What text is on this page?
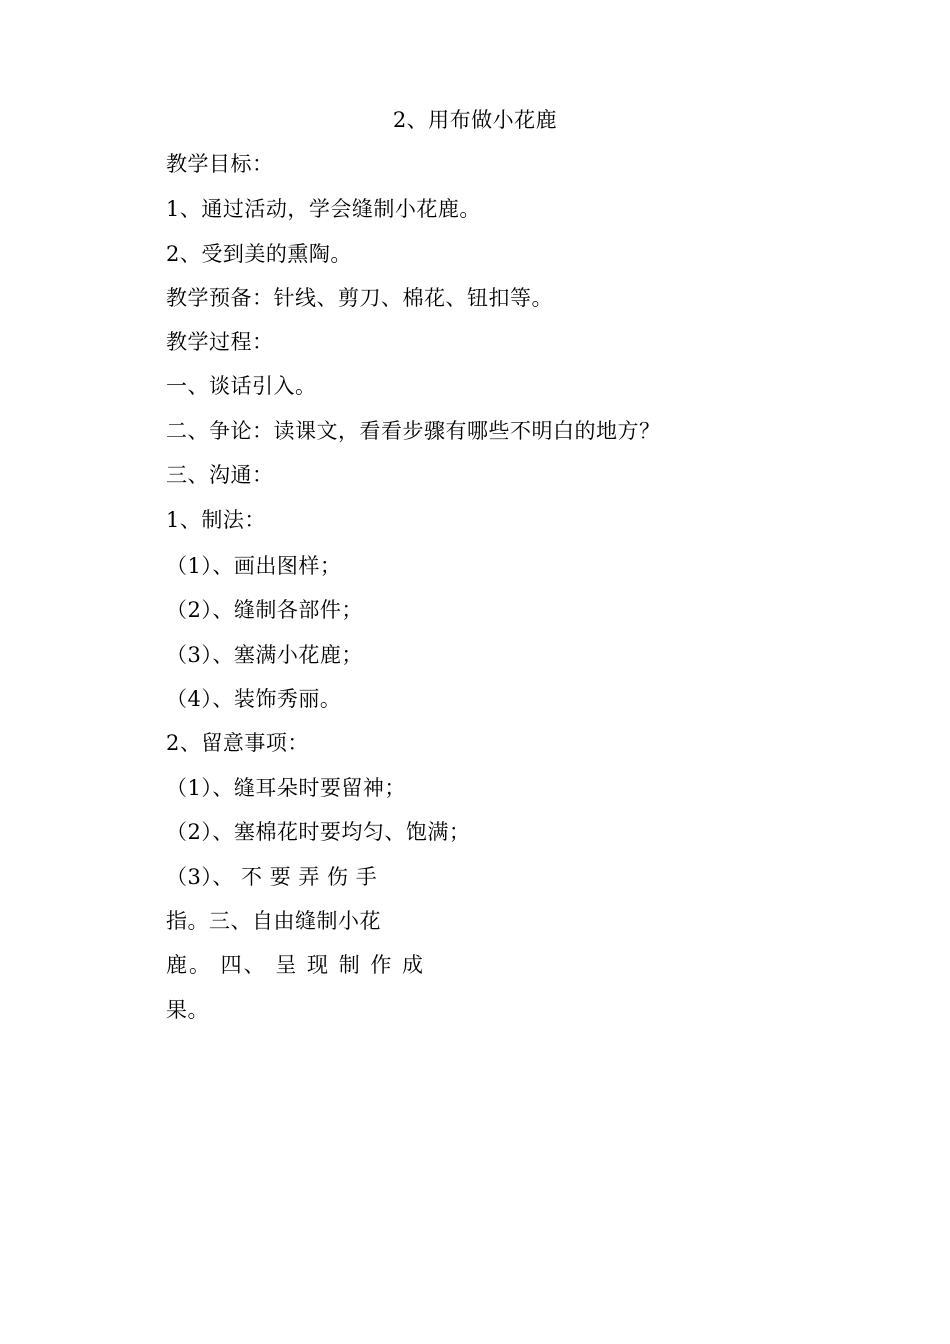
2、用布做小花鹿
教学目标：
1、通过活动，学会缝制小花鹿。
2、受到美的熏陶。
教学预备：针线、剪刀、棉花、钮扣等。
教学过程：
一、谈话引入。
二、争论：读课文，看看步骤有哪些不明白的地方？
三、沟通：
1、制法：
（1）、画出图样；
（2）、缝制各部件；
（3）、塞满小花鹿；
（4）、装饰秀丽。
2、留意事项：
（1）、缝耳朵时要留神；
（2）、塞棉花时要均匀、饱满；
（3）、 不 要 弄 伤 手
指。三、自由缝制小花
鹿。 四、 呈 现 制 作 成
果。
